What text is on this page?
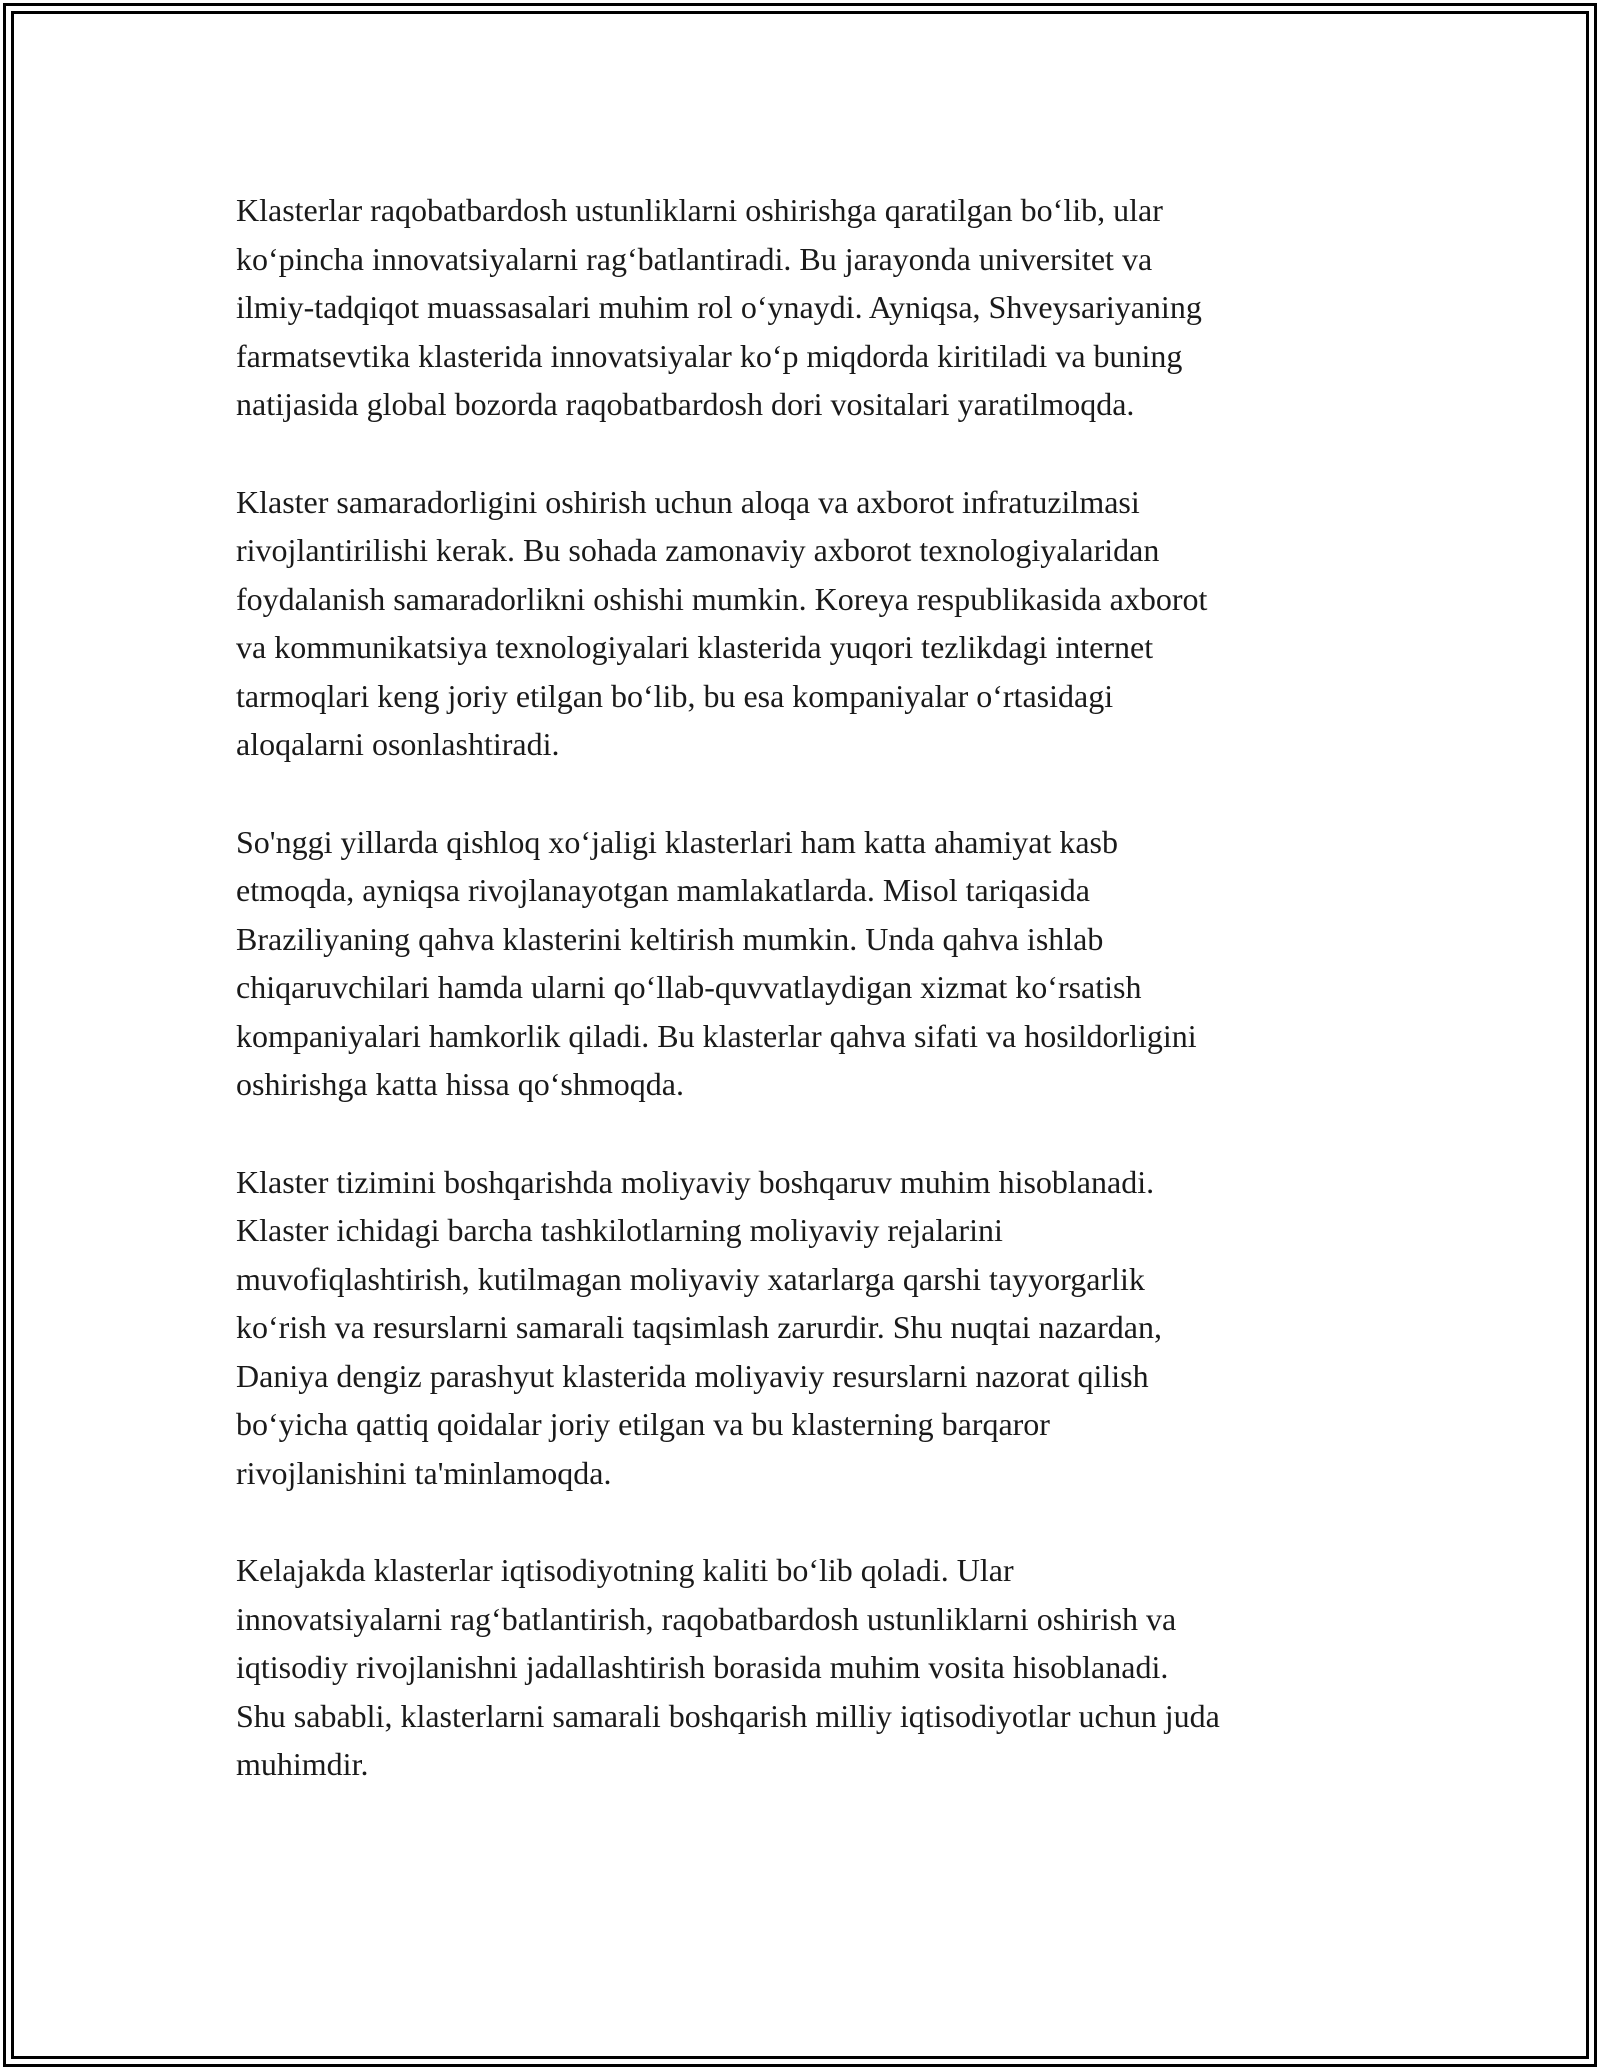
Klasterlar raqobatbardosh ustunliklarni oshirishga qaratilgan bo‘lib, ular
ko‘pincha innovatsiyalarni rag‘batlantiradi. Bu jarayonda universitet va
ilmiy-tadqiqot muassasalari muhim rol o‘ynaydi. Ayniqsa, Shveysariyaning
farmatsevtika klasterida innovatsiyalar ko‘p miqdorda kiritiladi va buning
natijasida global bozorda raqobatbardosh dori vositalari yaratilmoqda.

Klaster samaradorligini oshirish uchun aloqa va axborot infratuzilmasi
rivojlantirilishi kerak. Bu sohada zamonaviy axborot texnologiyalaridan
foydalanish samaradorlikni oshishi mumkin. Koreya respublikasida axborot
va kommunikatsiya texnologiyalari klasterida yuqori tezlikdagi internet
tarmoqlari keng joriy etilgan bo‘lib, bu esa kompaniyalar o‘rtasidagi
aloqalarni osonlashtiradi.

So'nggi yillarda qishloq xo‘jaligi klasterlari ham katta ahamiyat kasb
etmoqda, ayniqsa rivojlanayotgan mamlakatlarda. Misol tariqasida
Braziliyaning qahva klasterini keltirish mumkin. Unda qahva ishlab
chiqaruvchilari hamda ularni qo‘llab-quvvatlaydigan xizmat ko‘rsatish
kompaniyalari hamkorlik qiladi. Bu klasterlar qahva sifati va hosildorligini
oshirishga katta hissa qo‘shmoqda.

Klaster tizimini boshqarishda moliyaviy boshqaruv muhim hisoblanadi.
Klaster ichidagi barcha tashkilotlarning moliyaviy rejalarini
muvofiqlashtirish, kutilmagan moliyaviy xatarlarga qarshi tayyorgarlik
ko‘rish va resurslarni samarali taqsimlash zarurdir. Shu nuqtai nazardan,
Daniya dengiz parashyut klasterida moliyaviy resurslarni nazorat qilish
bo‘yicha qattiq qoidalar joriy etilgan va bu klasterning barqaror
rivojlanishini ta'minlamoqda.

Kelajakda klasterlar iqtisodiyotning kaliti bo‘lib qoladi. Ular
innovatsiyalarni rag‘batlantirish, raqobatbardosh ustunliklarni oshirish va
iqtisodiy rivojlanishni jadallashtirish borasida muhim vosita hisoblanadi.
Shu sababli, klasterlarni samarali boshqarish milliy iqtisodiyotlar uchun juda
muhimdir.
